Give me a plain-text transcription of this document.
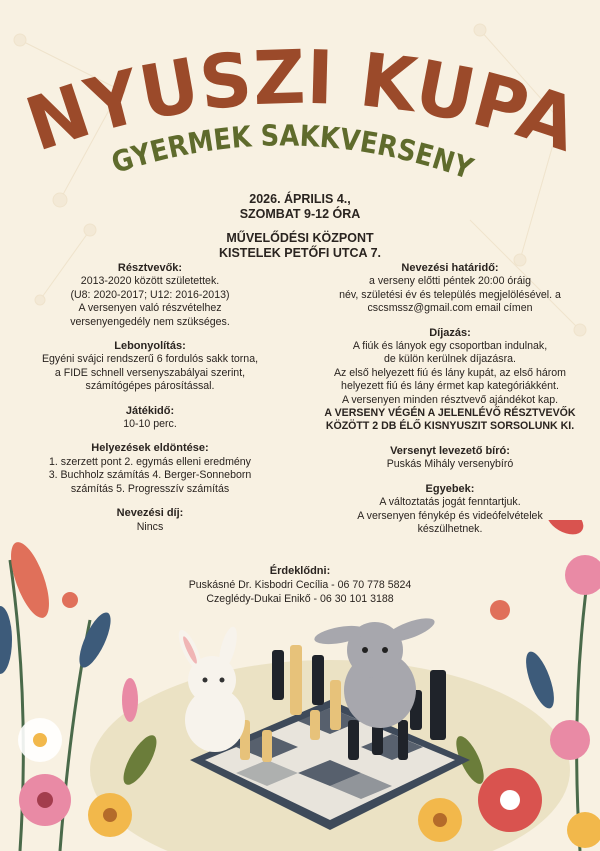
NYUSZI KUPA
GYERMEK SAKKVERSENY
2026. ÁPRILIS 4.,
SZOMBAT 9-12 ÓRA
MŰVELŐDÉSI KÖZPONT
KISTELEK PETŐFI UTCA 7.
Résztvevők:

2013-2020 között születettek.

(U8: 2020-2017; U12: 2016-2013)

A versenyen való részvételhez

versenyengedély nem szükséges.

Lebonyolítás:

Egyéni svájci rendszerű 6 fordulós sakk torna,

a FIDE schnell versenyszabályai szerint,

számítógépes párosítással.

Játékidő:

10-10 perc.

Helyezések eldöntése:

1. szerzett pont 2. egymás elleni eredmény

3. Buchholz számítás 4. Berger-Sonneborn

számítás 5. Progresszív számítás

Nevezési díj:

Nincs

Nevezési határidő:

a verseny előtti péntek 20:00 óráig

név, születési év és település megjelölésével. a

cscsmssz@gmail.com email címen

Díjazás:

A fiúk és lányok egy csoportban indulnak,

de külön kerülnek díjazásra.

Az első helyezett fiú és lány kupát, az első három

helyezett fiú és lány érmet kap kategóriákként.

A versenyen minden résztvevő ajándékot kap.

A VERSENY VÉGÉN A JELENLÉVŐ RÉSZTVEVŐK

KÖZÖTT 2 DB ÉLŐ KISNYUSZIT SORSOLUNK KI.

Versenyt levezető bíró:

Puskás Mihály versenybíró

Egyebek:

A változtatás jogát fenntartjuk.

A versenyen fénykép és videófelvételek

készülhetnek.

Érdeklődni:
Puskásné Dr. Kisbodri Cecília - 06 70 778 5824
Czeglédy-Dukai Enikő - 06 30 101 3188
